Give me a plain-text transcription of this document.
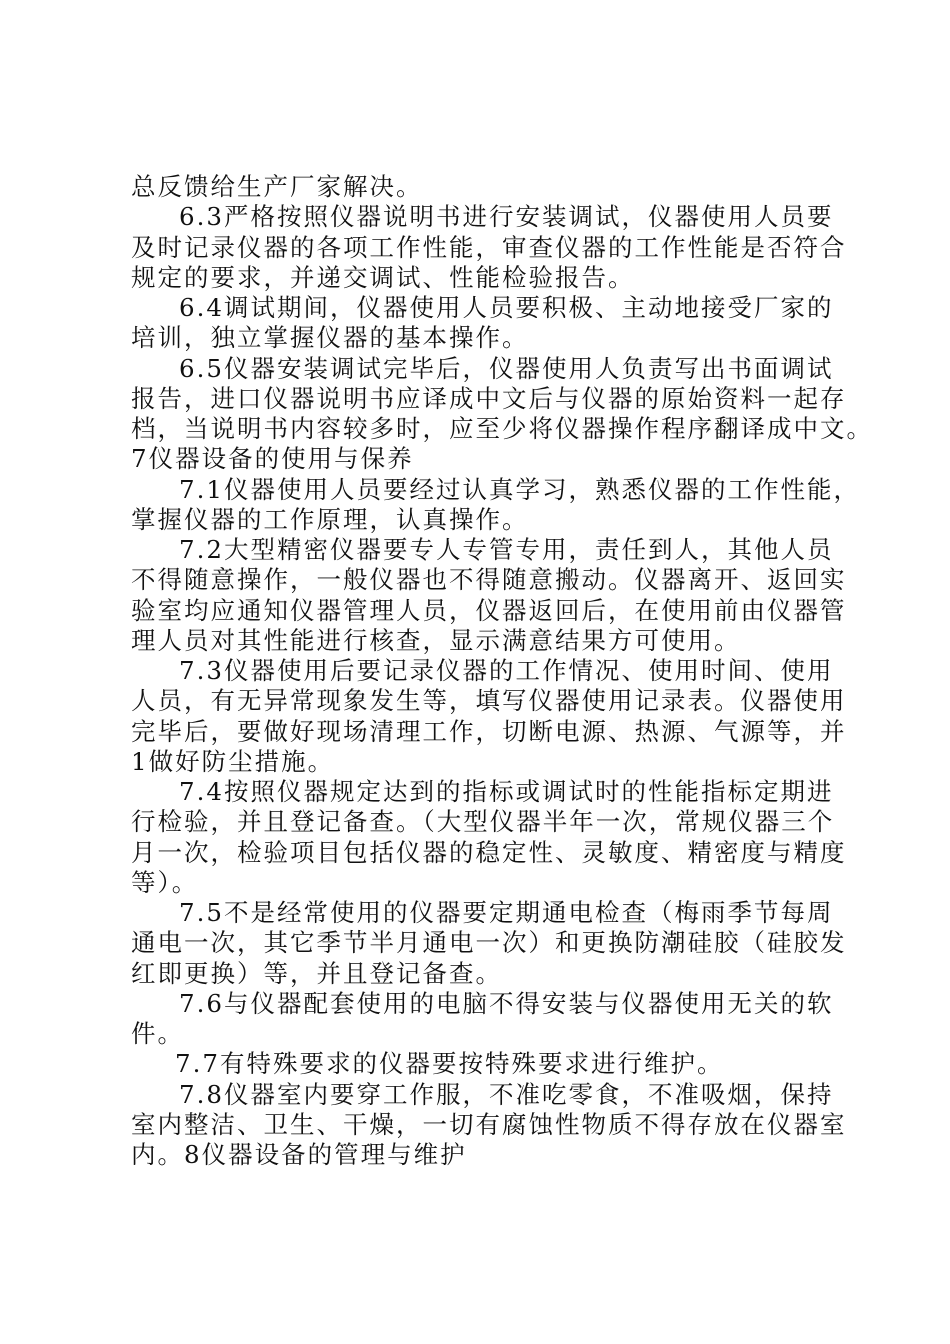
总反馈给生产厂家解决。
6.3严格按照仪器说明书进行安装调试，仪器使用人员要
及时记录仪器的各项工作性能，审查仪器的工作性能是否符合
规定的要求，并递交调试、性能检验报告。
6.4调试期间，仪器使用人员要积极、主动地接受厂家的
培训，独立掌握仪器的基本操作。
6.5仪器安装调试完毕后，仪器使用人负责写出书面调试
报告，进口仪器说明书应译成中文后与仪器的原始资料一起存
档，当说明书内容较多时，应至少将仪器操作程序翻译成中文。
7仪器设备的使用与保养
7.1仪器使用人员要经过认真学习，熟悉仪器的工作性能，
掌握仪器的工作原理，认真操作。
7.2大型精密仪器要专人专管专用，责任到人，其他人员
不得随意操作，一般仪器也不得随意搬动。仪器离开、返回实
验室均应通知仪器管理人员，仪器返回后，在使用前由仪器管
理人员对其性能进行核查，显示满意结果方可使用。
7.3仪器使用后要记录仪器的工作情况、使用时间、使用
人员，有无异常现象发生等，填写仪器使用记录表。仪器使用
完毕后，要做好现场清理工作，切断电源、热源、气源等，并
1做好防尘措施。
7.4按照仪器规定达到的指标或调试时的性能指标定期进
行检验，并且登记备查。（大型仪器半年一次，常规仪器三个
月一次，检验项目包括仪器的稳定性、灵敏度、精密度与精度
等）。
7.5不是经常使用的仪器要定期通电检查（梅雨季节每周
通电一次，其它季节半月通电一次）和更换防潮硅胶（硅胶发
红即更换）等，并且登记备查。
7.6与仪器配套使用的电脑不得安装与仪器使用无关的软
件。
7.7有特殊要求的仪器要按特殊要求进行维护。
7.8仪器室内要穿工作服，不准吃零食，不准吸烟，保持
室内整洁、卫生、干燥，一切有腐蚀性物质不得存放在仪器室
内。8仪器设备的管理与维护
